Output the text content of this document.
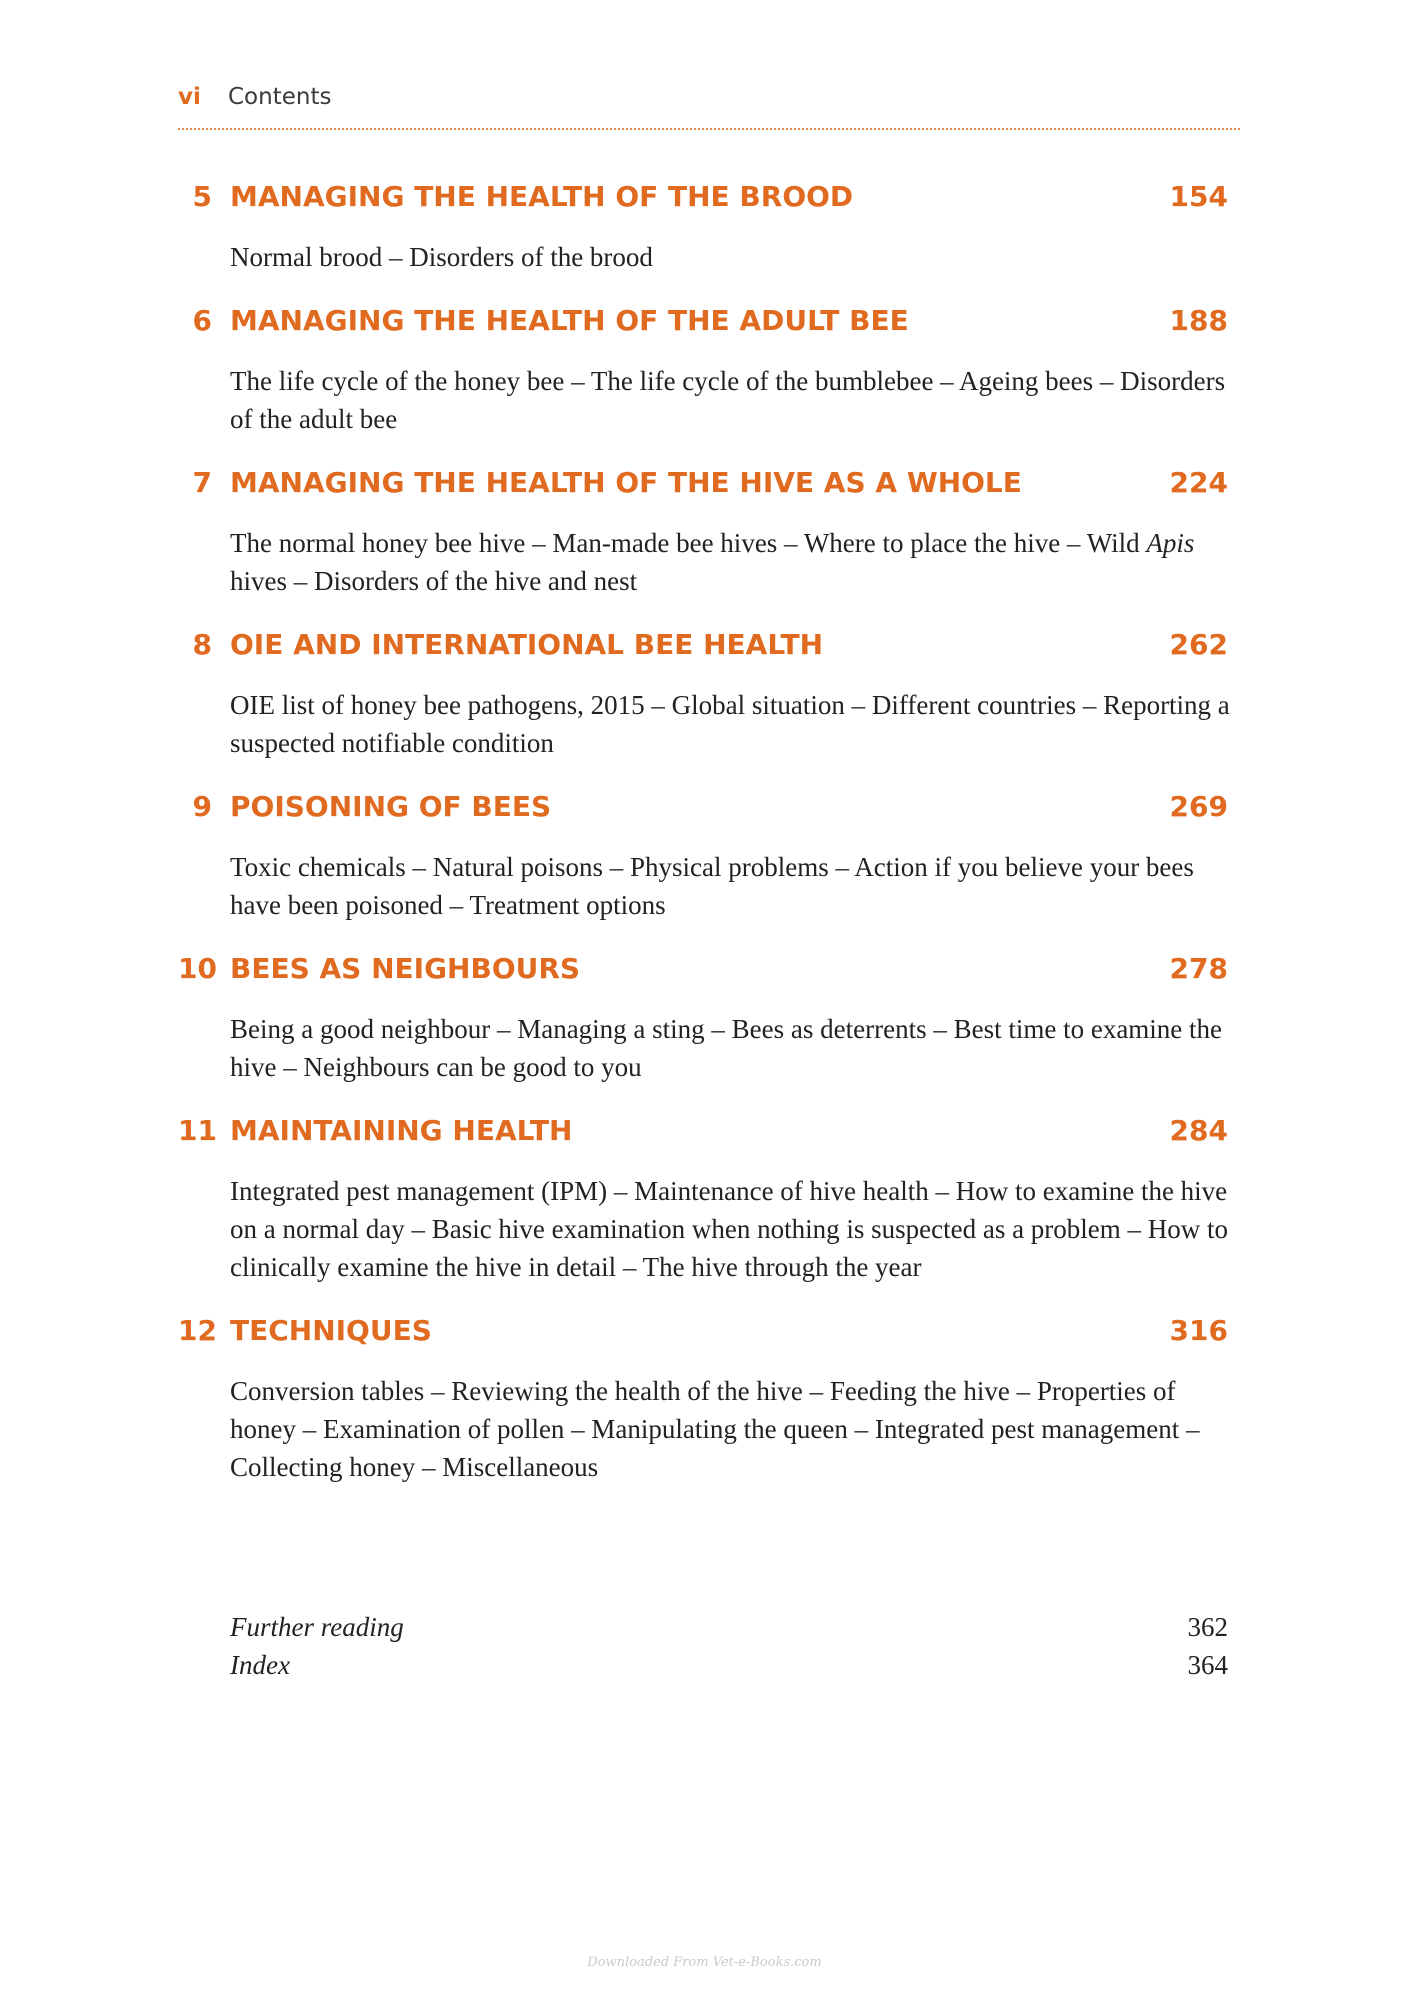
vi Contents
5 MANAGING THE HEALTH OF THE BROOD	154
Normal brood – Disorders of the brood
6 MANAGING THE HEALTH OF THE ADULT BEE	188
The life cycle of the honey bee – The life cycle of the bumblebee – Ageing bees – Disorders of the adult bee
7 MANAGING THE HEALTH OF THE HIVE AS A WHOLE	224
The normal honey bee hive – Man-made bee hives – Where to place the hive – Wild Apis hives – Disorders of the hive and nest
8 OIE AND INTERNATIONAL BEE HEALTH	262
OIE list of honey bee pathogens, 2015 – Global situation – Different countries – Reporting a suspected notifiable condition
9 POISONING OF BEES	269
Toxic chemicals – Natural poisons – Physical problems – Action if you believe your bees have been poisoned – Treatment options
10 BEES AS NEIGHBOURS	278
Being a good neighbour – Managing a sting – Bees as deterrents – Best time to examine the hive – Neighbours can be good to you
11 MAINTAINING HEALTH	284
Integrated pest management (IPM) – Maintenance of hive health – How to examine the hive on a normal day – Basic hive examination when nothing is suspected as a problem – How to clinically examine the hive in detail – The hive through the year
12 TECHNIQUES	316
Conversion tables – Reviewing the health of the hive – Feeding the hive – Properties of honey – Examination of pollen – Manipulating the queen – Integrated pest management – Collecting honey – Miscellaneous
Further reading	362
Index	364
Downloaded From Vet-e-Books.com
